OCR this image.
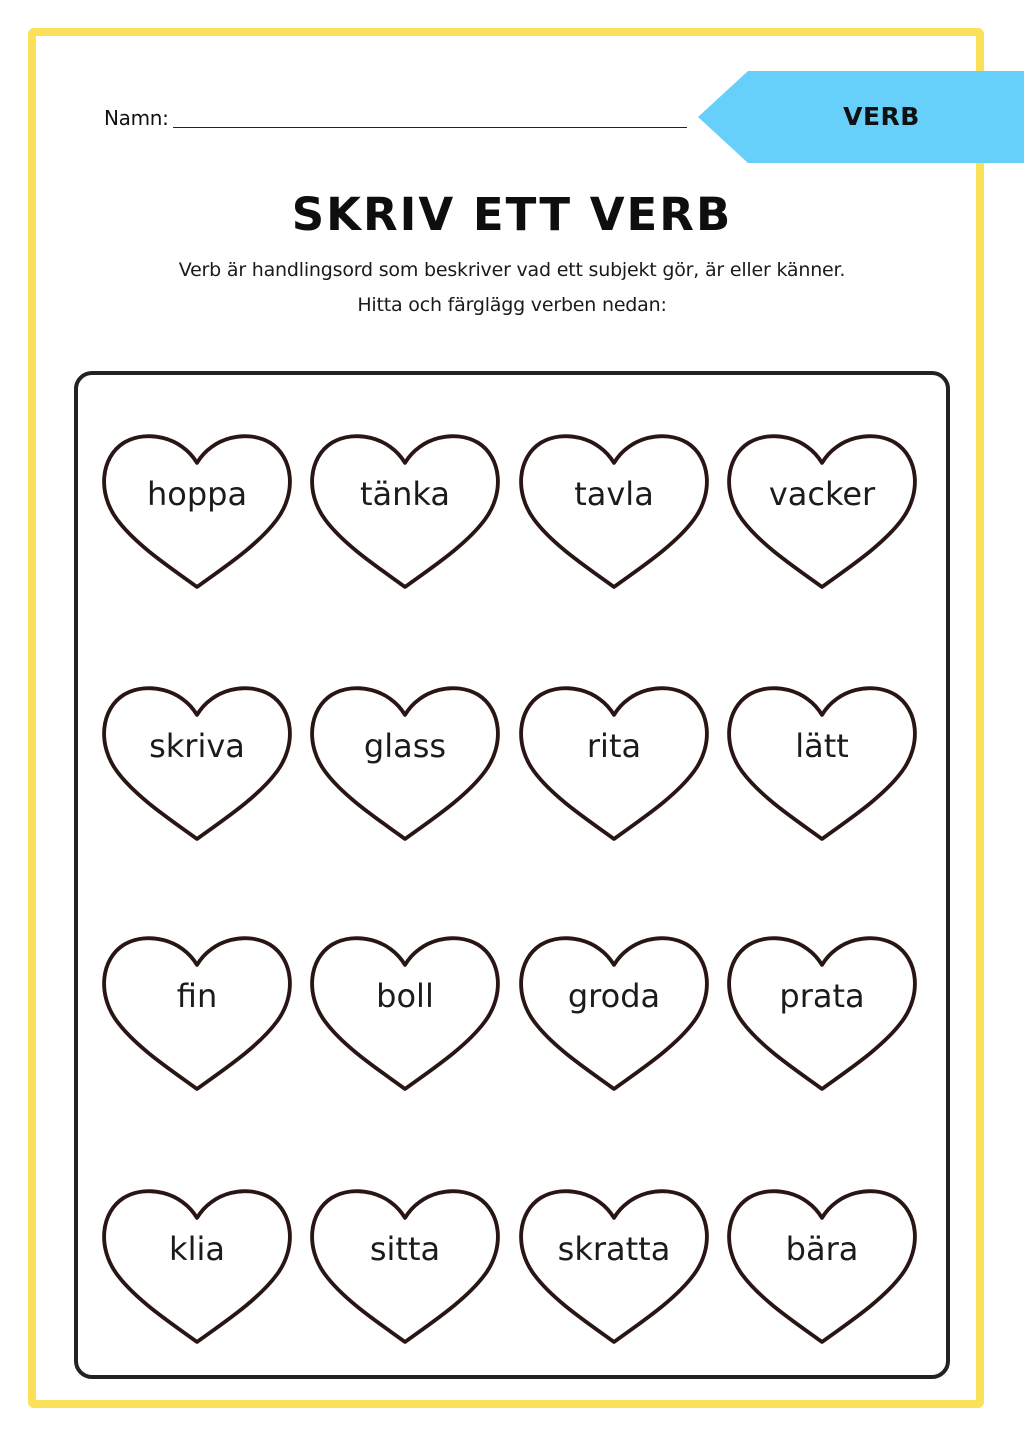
Namn:	VERB
SKRIV ETT VERB
Verb är handlingsord som beskriver vad ett subjekt gör, är eller känner.
Hitta och färglägg verben nedan:
hoppa	tänka	tavla	vacker
skriva	glass	rita	lätt
fin	boll	groda	prata
klia	sitta	skratta	bära
